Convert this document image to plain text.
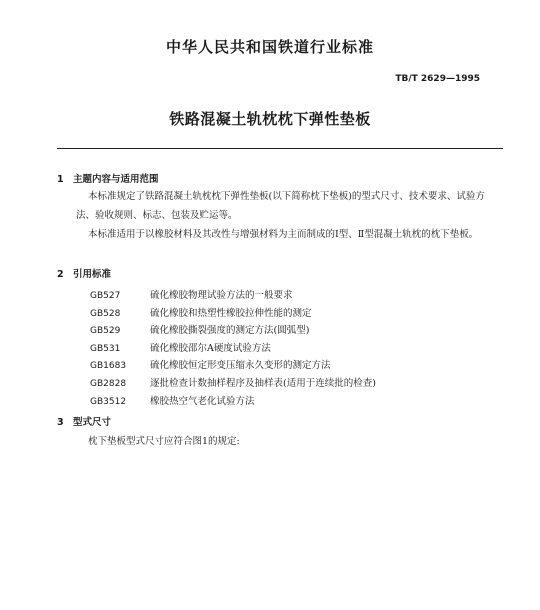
中华人民共和国铁道行业标准
TB/T 2629—1995
铁路混凝土轨枕枕下弹性垫板
1 主题内容与适用范围
本标准规定了铁路混凝土轨枕枕下弹性垫板(以下简称枕下垫板)的型式尺寸、技术要求、试验方法、验收规则、标志、包装及贮运等。
本标准适用于以橡胶材料及其改性与增强材料为主而制成的Ⅰ型、Ⅱ型混凝土轨枕的枕下垫板。
2 引用标准
GB527	硫化橡胶物理试验方法的一般要求
GB528	硫化橡胶和热塑性橡胶拉伸性能的测定
GB529	硫化橡胶撕裂强度的测定方法(圆弧型)
GB531	硫化橡胶邵尔A硬度试验方法
GB1683	硫化橡胶恒定形变压缩永久变形的测定方法
GB2828	逐批检查计数抽样程序及抽样表(适用于连续批的检查)
GB3512	橡胶热空气老化试验方法
3 型式尺寸
枕下垫板型式尺寸应符合图1的规定:
